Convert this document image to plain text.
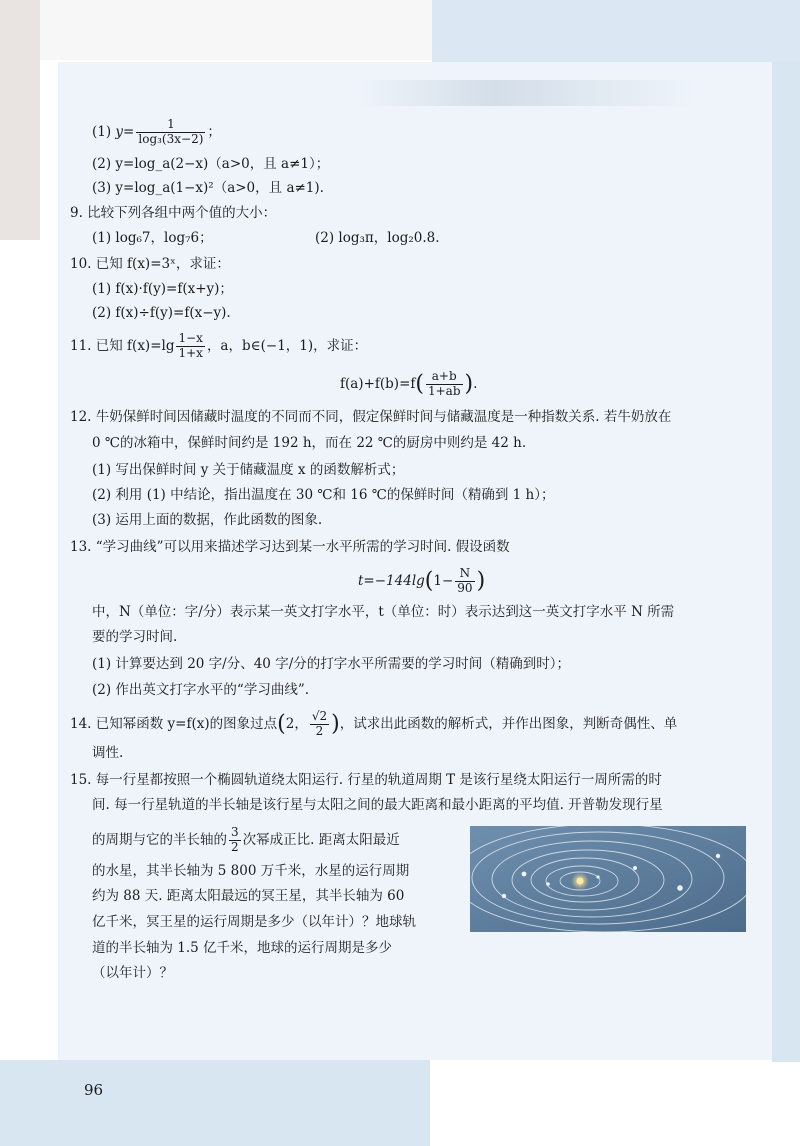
(1) $y= \frac{1}{\text{log₃(3x−2)}}$ ；
(2) y=log_a(2−x)（a>0，且 a≠1）；
(3) y=log_a(1−x)²（a>0，且 a≠1).
9. 比较下列各组中两个值的大小：
(1) log₆7，log₇6；	(2) log₃π，log₂0.8.
10. 已知 f(x)=3ˣ，求证：
(1) f(x)·f(y)=f(x+y)；
(2) f(x)÷f(y)=f(x−y).
11. 已知 $f(x)=\lg \frac{1-x}{1+x}$ ，a，b∈(−1，1)，求证：
$f(a)+f(b)=f( \frac{a+b}{1+ab}$ ).
12. 牛奶保鲜时间因储藏时温度的不同而不同，假定保鲜时间与储藏温度是一种指数关系. 若牛奶放在
0 ℃的冰箱中，保鲜时间约是 192 h，而在 22 ℃的厨房中则约是 42 h.
(1) 写出保鲜时间 y 关于储藏温度 x 的函数解析式；
(2) 利用 (1) 中结论，指出温度在 30 ℃和 16 ℃的保鲜时间（精确到 1 h）；
(3) 运用上面的数据，作此函数的图象.
13. “学习曲线”可以用来描述学习达到某一水平所需的学习时间. 假设函数
$t=-144\lg(1- \frac{N}{90}$ )
中，N（单位：字/分）表示某一英文打字水平，t（单位：时）表示达到这一英文打字水平 N 所需
要的学习时间.
(1) 计算要达到 20 字/分、40 字/分的打字水平所需要的学习时间（精确到时）；
(2) 作出英文打字水平的“学习曲线”.
14. 已知幂函数 y=f(x)的图象过点(2， $\frac{√2}{2}$ )，试求出此函数的解析式，并作出图象，判断奇偶性、单
调性.
15. 每一行星都按照一个椭圆轨道绕太阳运行. 行星的轨道周期 T 是该行星绕太阳运行一周所需的时
间. 每一行星轨道的半长轴是该行星与太阳之间的最大距离和最小距离的平均值. 开普勒发现行星
的周期与它的半长轴的 $\frac{3}{2}$ 次幂成正比. 距离太阳最近
的水星，其半长轴为 5 800 万千米，水星的运行周期
约为 88 天. 距离太阳最远的冥王星，其半长轴为 60
亿千米，冥王星的运行周期是多少（以年计）？地球轨
道的半长轴为 1.5 亿千米，地球的运行周期是多少
（以年计）？
96
